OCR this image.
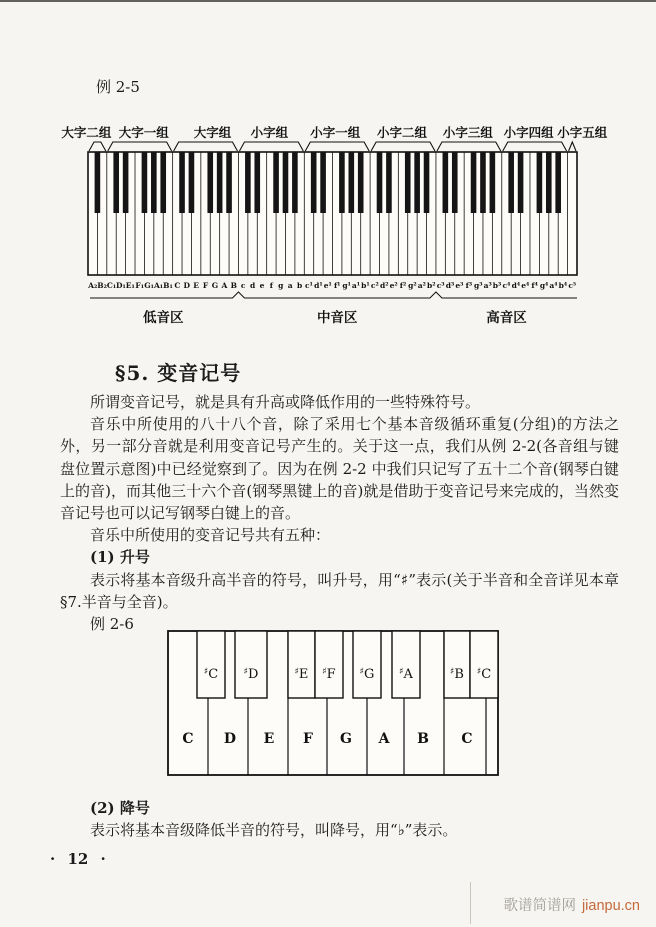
例 2-5
A₂ B₂ C₁ D₁ E₁ F₁ G₁ A₁ B₁ C D E F G A B c d e f g a b c¹ d¹ e¹ f¹ g¹ a¹ b¹ c² d² e² f² g² a² b² c³ d³ e³ f³ g³ a³ b³ c⁴ d⁴ e⁴ f⁴ g⁴ a⁴ b⁴ c⁵
大字二组 大字一组 大字组 小字组 小字一组 小字二组 小字三组 小字四组 小字五组
低音区	中音区	高音区
§5. 变音记号

所谓变音记号，就是具有升高或降低作用的一些特殊符号。

音乐中所使用的八十八个音，除了采用七个基本音级循环重复(分组)的方法之外，另一部分音就是利用变音记号产生的。关于这一点，我们从例 2-2(各音组与键盘位置示意图)中已经觉察到了。因为在例 2-2 中我们只记写了五十二个音(钢琴白键上的音)，而其他三十六个音(钢琴黑键上的音)就是借助于变音记号来完成的，当然变音记号也可以记写钢琴白键上的音。

音乐中所使用的变音记号共有五种：

(1) 升号

表示将基本音级升高半音的符号，叫升号，用“♯”表示(关于半音和全音详见本章§7.半音与全音)。

例 2-6

♯$_C$	♯$_D$	♯$_E$ ♯$_F$	♯$_G$	♯$_A$	♯$_B$ ♯$_C$
C D E F G A B C

(2) 降号

表示将基本音级降低半音的符号，叫降号，用“♭”表示。

· 12 ·
歌谱简谱网 jianpu.cn
